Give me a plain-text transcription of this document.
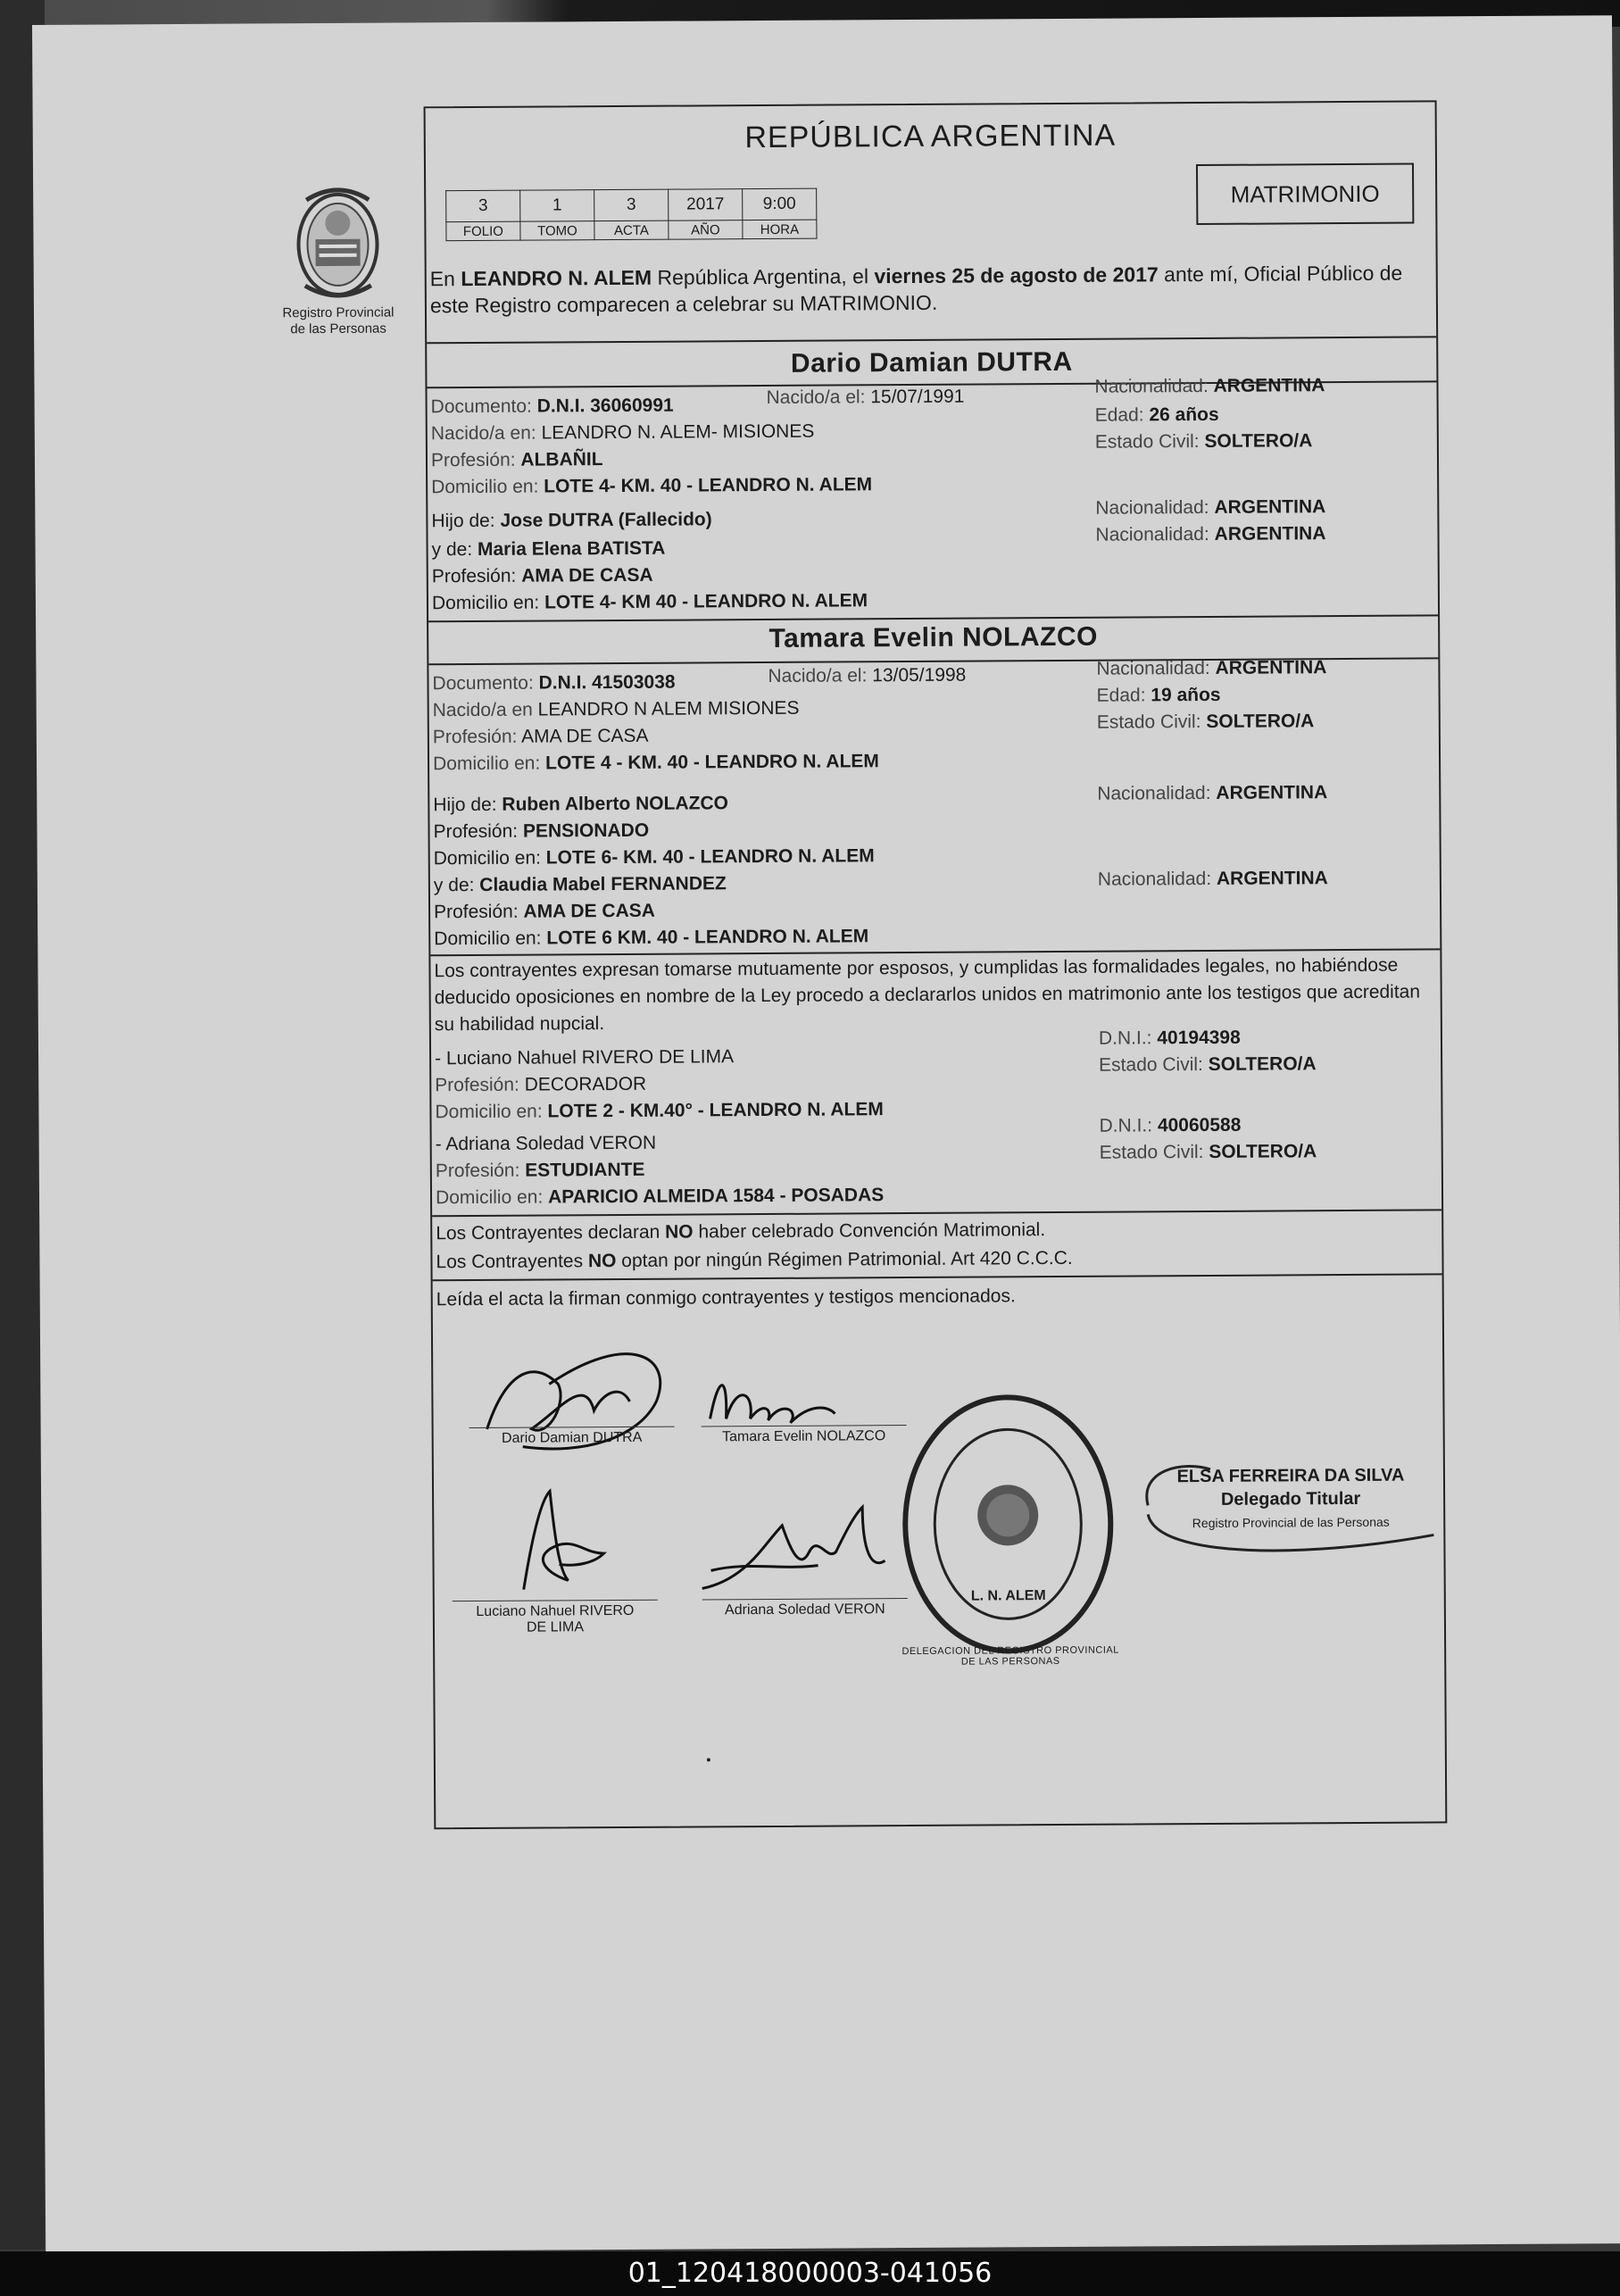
Registro Provincial
de las Personas
REPÚBLICA ARGENTINA
3	1	3	2017	9:00
FOLIO	TOMO	ACTA	AÑO	HORA
MATRIMONIO
En LEANDRO N. ALEM República Argentina, el viernes 25 de agosto de 2017 ante mí, Oficial Público de este Registro comparecen a celebrar su MATRIMONIO.
Dario Damian DUTRA
Documento: D.N.I. 36060991	Nacido/a el: 15/07/1991	Nacionalidad: ARGENTINA
Edad: 26 años
Estado Civil: SOLTERO/A
Nacido/a en: LEANDRO N. ALEM- MISIONES
Profesión: ALBAÑIL
Domicilio en: LOTE 4- KM. 40 - LEANDRO N. ALEM
Hijo de: Jose DUTRA (Fallecido)
Nacionalidad: ARGENTINA
Nacionalidad: ARGENTINA
y de: Maria Elena BATISTA
Profesión: AMA DE CASA
Domicilio en: LOTE 4- KM 40 - LEANDRO N. ALEM
Tamara Evelin NOLAZCO
Documento: D.N.I. 41503038	Nacido/a el: 13/05/1998	Nacionalidad: ARGENTINA
Edad: 19 años
Estado Civil: SOLTERO/A
Nacido/a en LEANDRO N ALEM MISIONES
Profesión: AMA DE CASA
Domicilio en: LOTE 4 - KM. 40 - LEANDRO N. ALEM
Hijo de: Ruben Alberto NOLAZCO	Nacionalidad: ARGENTINA
Profesión: PENSIONADO
Domicilio en: LOTE 6- KM. 40 - LEANDRO N. ALEM
y de: Claudia Mabel FERNANDEZ	Nacionalidad: ARGENTINA
Profesión: AMA DE CASA
Domicilio en: LOTE 6 KM. 40 - LEANDRO N. ALEM
Los contrayentes expresan tomarse mutuamente por esposos, y cumplidas las formalidades legales, no habiéndose deducido oposiciones en nombre de la Ley procedo a declararlos unidos en matrimonio ante los testigos que acreditan su habilidad nupcial.
- Luciano Nahuel RIVERO DE LIMA
D.N.I.: 40194398
Estado Civil: SOLTERO/A
Profesión: DECORADOR
Domicilio en: LOTE 2 - KM.40° - LEANDRO N. ALEM
- Adriana Soledad VERON
D.N.I.: 40060588
Estado Civil: SOLTERO/A
Profesión: ESTUDIANTE
Domicilio en: APARICIO ALMEIDA 1584 - POSADAS
Los Contrayentes declaran NO haber celebrado Convención Matrimonial.
Los Contrayentes NO optan por ningún Régimen Patrimonial. Art 420 C.C.C.
Leída el acta la firman conmigo contrayentes y testigos mencionados.
Dario Damian DUTRA	Tamara Evelin NOLAZCO
Luciano Nahuel RIVERO
DE LIMA
Adriana Soledad VERON
L. N. ALEM
DELEGACION DEL REGISTRO PROVINCIAL DE LAS PERSONAS
ELSA FERREIRA DA SILVA
Delegado Titular
Registro Provincial de las Personas
01_120418000003-041056
